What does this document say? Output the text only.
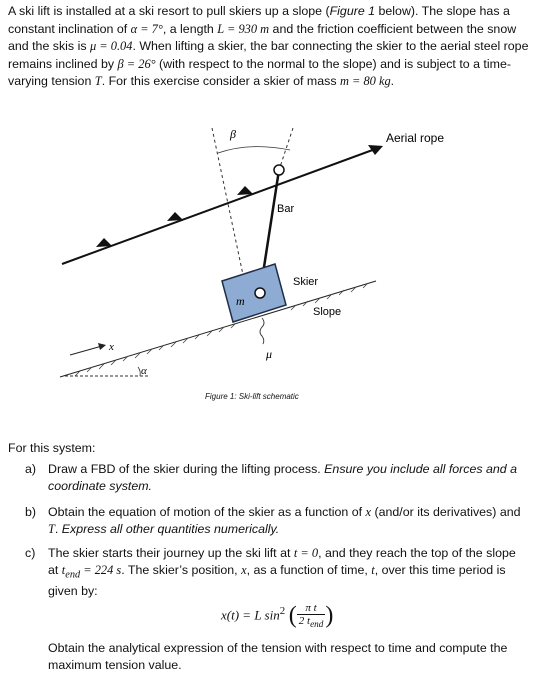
A ski lift is installed at a ski resort to pull skiers up a slope (Figure 1 below). The slope has a constant inclination of α = 7°, a length L = 930 m and the friction coefficient between the snow and the skis is μ = 0.04. When lifting a skier, the bar connecting the skier to the aerial steel rope remains inclined by β = 26° (with respect to the normal to the slope) and is subject to a time-varying tension T. For this exercise consider a skier of mass m = 80 kg.

Aerial rope
β
Bar
m
Skier
Slope
μ
x
α
Figure 1: Ski-lift schematic
For this system:
a) Draw a FBD of the skier during the lifting process. Ensure you include all forces and a coordinate system.
b) Obtain the equation of motion of the skier as a function of x (and/or its derivatives) and T. Express all other quantities numerically.
c) The skier starts their journey up the ski lift at t = 0, and they reach the top of the slope at $t_{end} = 224$ s. The skier’s position, x, as a function of time, t, over this time period is given by:
x(t) = L $\sin^2$ ( $\frac{\text{π t}}{2 t_{end}}$ )
Obtain the analytical expression of the tension with respect to time and compute the maximum tension value.
